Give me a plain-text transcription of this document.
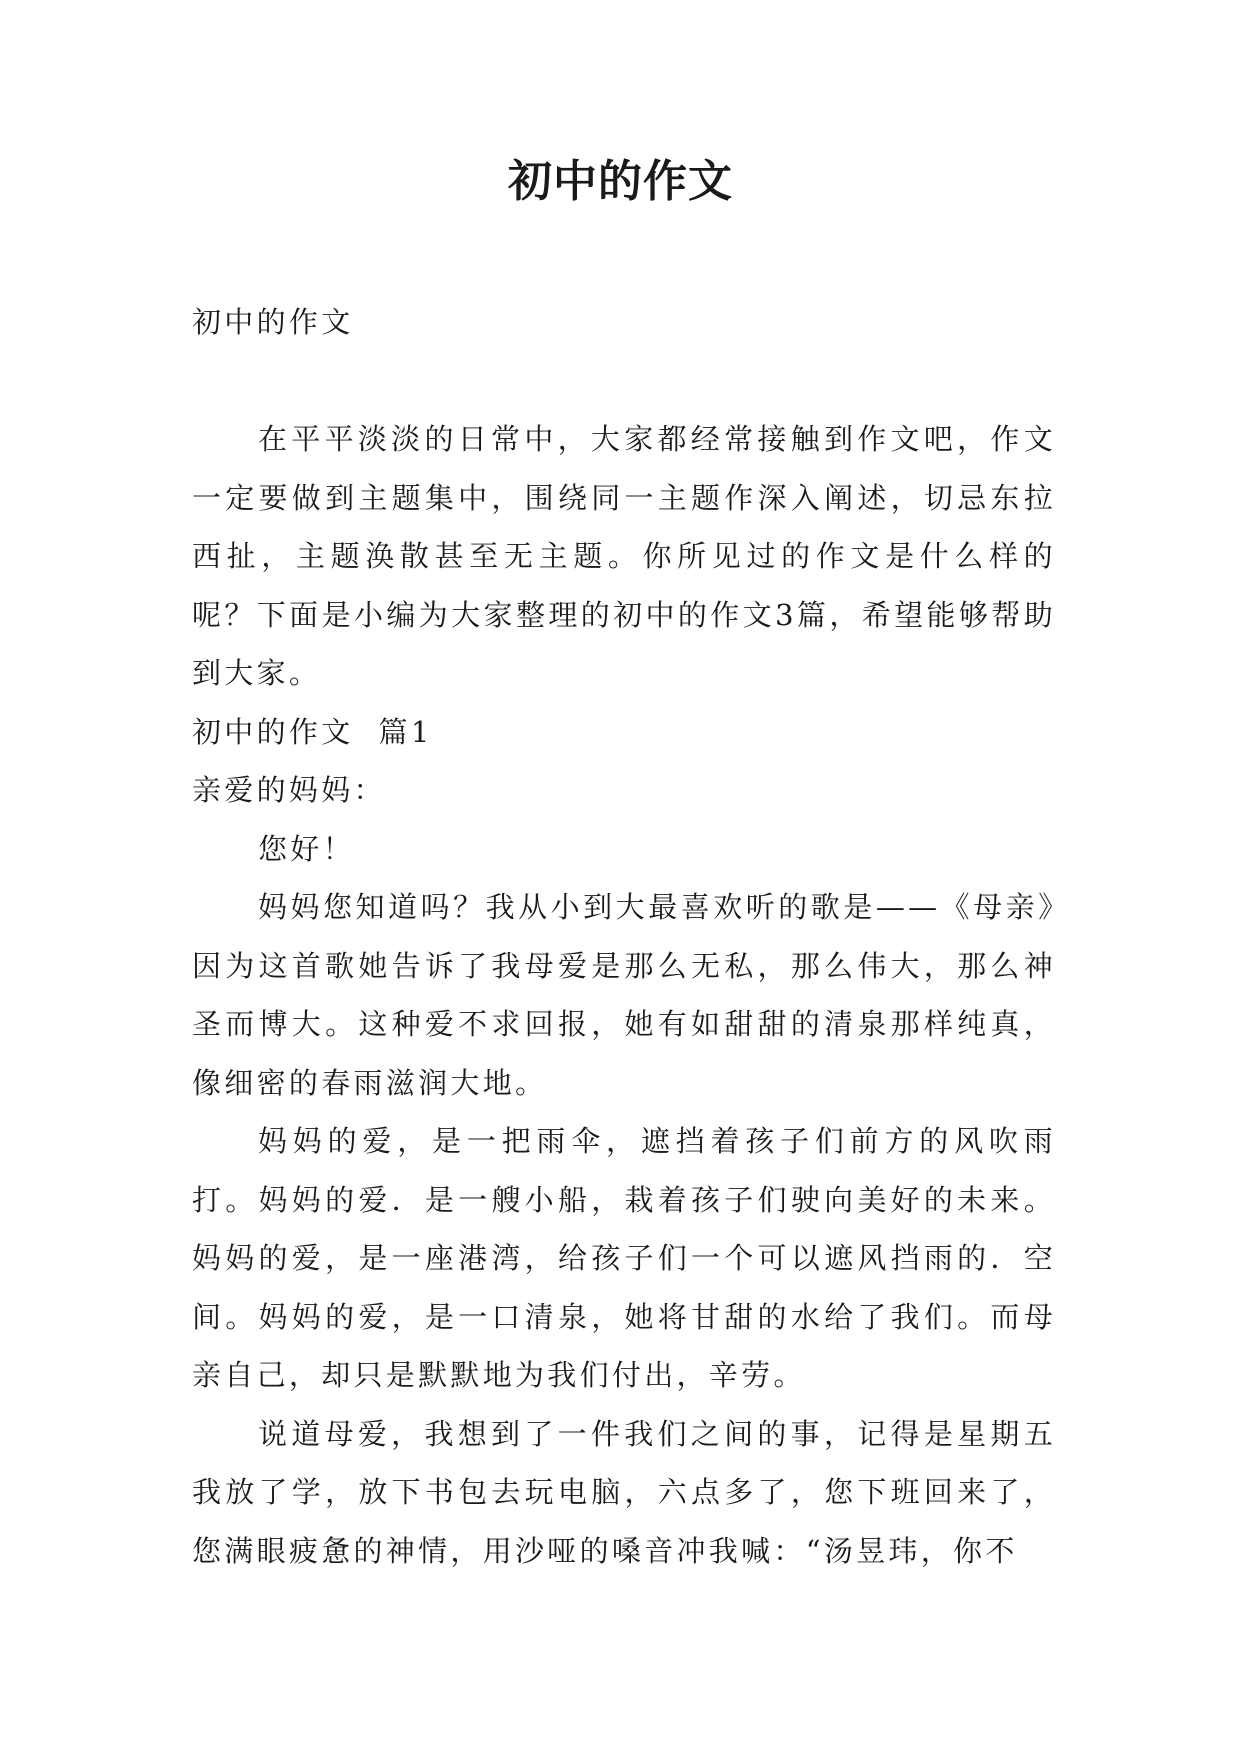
初中的作文

初中的作文

在平平淡淡的日常中，大家都经常接触到作文吧，作文一定要做到主题集中，围绕同一主题作深入阐述，切忌东拉西扯，主题涣散甚至无主题。你所见过的作文是什么样的呢？下面是小编为大家整理的初中的作文3篇，希望能够帮助到大家。

初中的作文  篇1

亲爱的妈妈：

您好！

妈妈您知道吗？我从小到大最喜欢听的歌是——《母亲》因为这首歌她告诉了我母爱是那么无私，那么伟大，那么神圣而博大。这种爱不求回报，她有如甜甜的清泉那样纯真，像细密的春雨滋润大地。

妈妈的爱，是一把雨伞，遮挡着孩子们前方的风吹雨打。妈妈的爱．是一艘小船，栽着孩子们驶向美好的未来。妈妈的爱，是一座港湾，给孩子们一个可以遮风挡雨的．空间。妈妈的爱，是一口清泉，她将甘甜的水给了我们。而母亲自己，却只是默默地为我们付出，辛劳。

说道母爱，我想到了一件我们之间的事，记得是星期五我放了学，放下书包去玩电脑，六点多了，您下班回来了，您满眼疲惫的神情，用沙哑的嗓音冲我喊：“汤昱玮，你不
